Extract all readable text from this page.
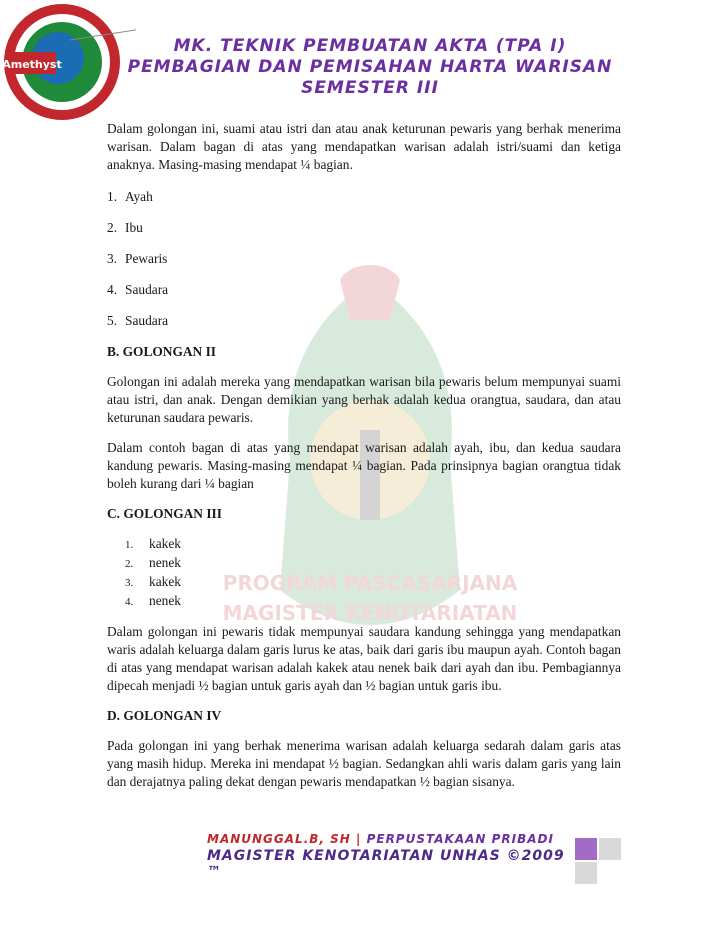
Amethyst
MK. TEKNIK PEMBUATAN AKTA (TPA I)
PEMBAGIAN DAN PEMISAHAN HARTA WARISAN
SEMESTER III
PROGRAM PASCASARJANA
MAGISTER KENOTARIATAN

Dalam golongan ini, suami atau istri dan atau anak keturunan pewaris yang berhak menerima warisan. Dalam bagan di atas yang mendapatkan warisan adalah istri/suami dan ketiga anaknya. Masing-masing mendapat ¼ bagian.

1. Ayah
2. Ibu
3. Pewaris
4. Saudara
5. Saudara

B. GOLONGAN II

Golongan ini adalah mereka yang mendapatkan warisan bila pewaris belum mempunyai suami atau istri, dan anak. Dengan demikian yang berhak adalah kedua orangtua, saudara, dan atau keturunan saudara pewaris.

Dalam contoh bagan di atas yang mendapat warisan adalah ayah, ibu, dan kedua saudara kandung pewaris. Masing-masing mendapat ¼ bagian. Pada prinsipnya bagian orangtua tidak boleh kurang dari ¼ bagian

C. GOLONGAN III

1. kakek
2. nenek
3. kakek
4. nenek

Dalam golongan ini pewaris tidak mempunyai saudara kandung sehingga yang mendapatkan waris adalah keluarga dalam garis lurus ke atas, baik dari garis ibu maupun ayah. Contoh bagan di atas yang mendapat warisan adalah kakek atau nenek baik dari ayah dan ibu. Pembagiannya dipecah menjadi ½ bagian untuk garis ayah dan ½ bagian untuk garis ibu.

D. GOLONGAN IV

Pada golongan ini yang berhak menerima warisan adalah keluarga sedarah dalam garis atas yang masih hidup. Mereka ini mendapat ½ bagian. Sedangkan ahli waris dalam garis yang lain dan derajatnya paling dekat dengan pewaris mendapatkan ½ bagian sisanya.

MANUNGGAL.B, SH | PERPUSTAKAAN PRIBADI
MAGISTER KENOTARIATAN UNHAS ©2009 ™
